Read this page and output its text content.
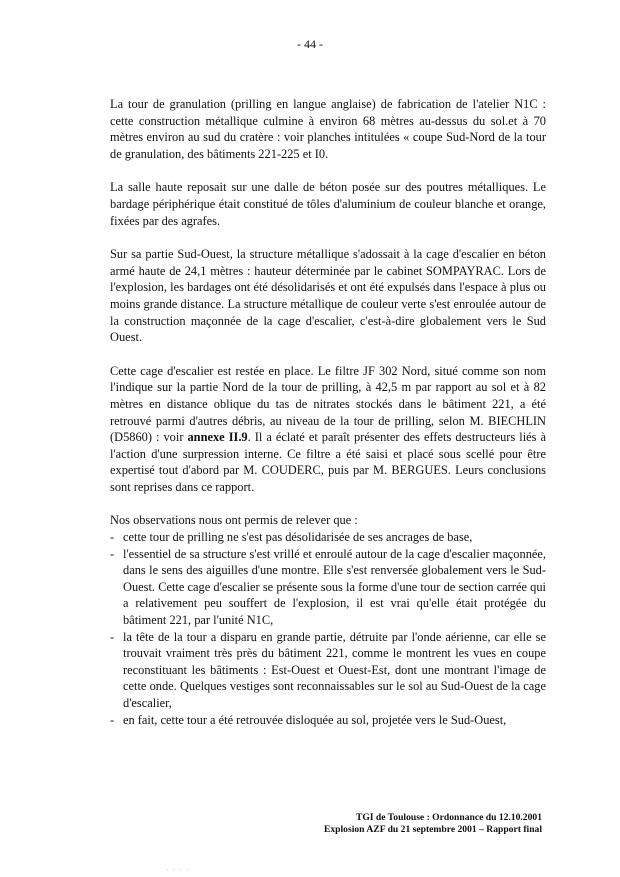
- 44 -

La tour de granulation (prilling en langue anglaise) de fabrication de l'atelier N1C : cette construction métallique culmine à environ 68 mètres au-dessus du sol.et à 70 mètres environ au sud du cratère : voir planches intitulées « coupe Sud-Nord de la tour de granulation, des bâtiments 221-225 et I0.

La salle haute reposait sur une dalle de béton posée sur des poutres métalliques. Le bardage périphérique était constitué de tôles d'aluminium de couleur blanche et orange, fixées par des agrafes.

Sur sa partie Sud-Ouest, la structure métallique s'adossait à la cage d'escalier en béton armé haute de 24,1 mètres : hauteur déterminée par le cabinet SOMPAYRAC. Lors de l'explosion, les bardages ont été désolidarisés et ont été expulsés dans l'espace à plus ou moins grande distance. La structure métallique de couleur verte s'est enroulée autour de la construction maçonnée de la cage d'escalier, c'est-à-dire globalement vers le Sud Ouest.

Cette cage d'escalier est restée en place. Le filtre JF 302 Nord, situé comme son nom l'indique sur la partie Nord de la tour de prilling, à 42,5 m par rapport au sol et à 82 mètres en distance oblique du tas de nitrates stockés dans le bâtiment 221, a été retrouvé parmi d'autres débris, au niveau de la tour de prilling, selon M. BIECHLIN (D5860) : voir annexe II.9. Il a éclaté et paraît présenter des effets destructeurs liés à l'action d'une surpression interne. Ce filtre a été saisi et placé sous scellé pour être expertisé tout d'abord par M. COUDERC, puis par M. BERGUES. Leurs conclusions sont reprises dans ce rapport.

Nos observations nous ont permis de relever que :
- cette tour de prilling ne s'est pas désolidarisée de ses ancrages de base,
- l'essentiel de sa structure s'est vrillé et enroulé autour de la cage d'escalier maçonnée, dans le sens des aiguilles d'une montre. Elle s'est renversée globalement vers le Sud-Ouest. Cette cage d'escalier se présente sous la forme d'une tour de section carrée qui a relativement peu souffert de l'explosion, il est vrai qu'elle était protégée du bâtiment 221, par l'unité N1C,
- la tête de la tour a disparu en grande partie, détruite par l'onde aérienne, car elle se trouvait vraiment très près du bâtiment 221, comme le montrent les vues en coupe reconstituant les bâtiments : Est-Ouest et Ouest-Est, dont une montrant l'image de cette onde. Quelques vestiges sont reconnaissables sur le sol au Sud-Ouest de la cage d'escalier,
- en fait, cette tour a été retrouvée disloquée au sol, projetée vers le Sud-Ouest,
TGI de Toulouse : Ordonnance du 12.10.2001
Explosion AZF du 21 septembre 2001 – Rapport final
· · · ·
